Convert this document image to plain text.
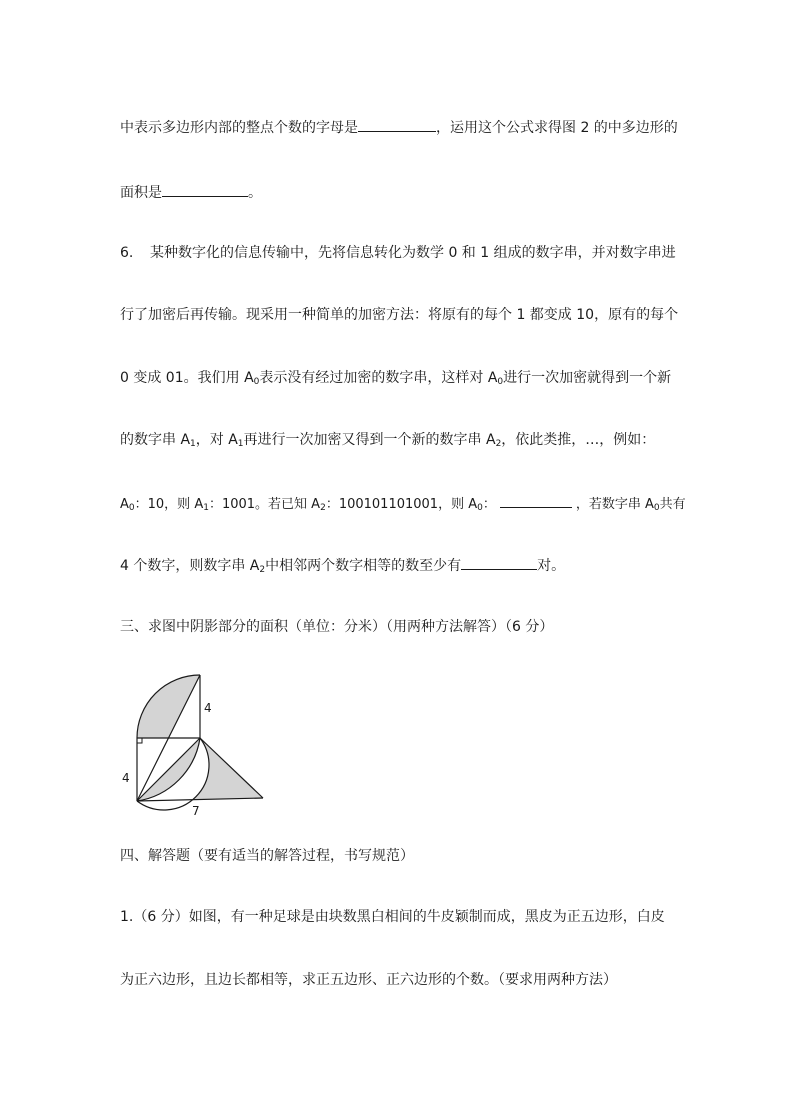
中表示多边形内部的整点个数的字母是	，运用这个公式求得图 2 的中多边形的
面积是	。
6. 某种数字化的信息传输中，先将信息转化为数学 0 和 1 组成的数字串，并对数字串进
行了加密后再传输。现采用一种简单的加密方法：将原有的每个 1 都变成 10，原有的每个
0 变成 01。我们用 $A_0$表示没有经过加密的数字串，这样对 $A_0$进行一次加密就得到一个新
的数字串 $A_1$，对 $A_1$再进行一次加密又得到一个新的数字串 $A_2$，依此类推，…，例如：
$A_0$：10，则 $A_1$：1001。若已知 $A_2$：100101101001，则 $A_0$：	，若数字串 $A_0$共有
4 个数字，则数字串 $A_2$中相邻两个数字相等的数至少有	对。
三、求图中阴影部分的面积（单位：分米）（用两种方法解答）（6 分）
4
4
7
四、解答题（要有适当的解答过程，书写规范）
1.（6 分）如图，有一种足球是由块数黑白相间的牛皮颖制而成，黑皮为正五边形，白皮
为正六边形，且边长都相等，求正五边形、正六边形的个数。（要求用两种方法）
